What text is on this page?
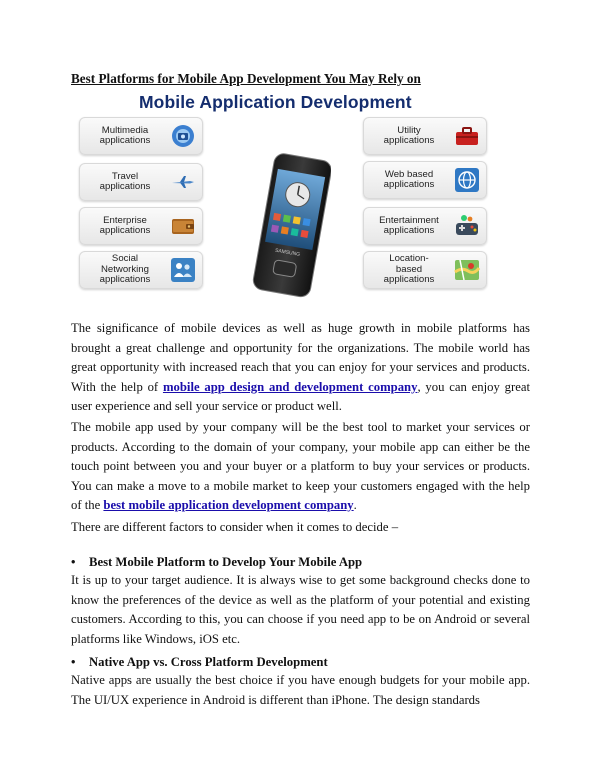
Best Platforms for Mobile App Development You May Rely on
Mobile Application Development
Multimedia
applications
Travel
applications
Enterprise
applications
Social
Networking
applications
SAMSUNG
Utility
applications
Web based
applications
Entertainment
applications
Location-
based
applications

The significance of mobile devices as well as huge growth in mobile platforms has brought a great challenge and opportunity for the organizations. The mobile world has great opportunity with increased reach that you can enjoy for your services and products. With the help of mobile app design and development company, you can enjoy great user experience and sell your service or product well.

The mobile app used by your company will be the best tool to market your services or products. According to the domain of your company, your mobile app can either be the touch point between you and your buyer or a platform to buy your services or products. You can make a move to a mobile market to keep your customers engaged with the help of the best mobile application development company.

There are different factors to consider when it comes to decide –

• Best Mobile Platform to Develop Your Mobile App

It is up to your target audience. It is always wise to get some background checks done to know the preferences of the device as well as the platform of your potential and existing customers. According to this, you can choose if you need app to be on Android or several platforms like Windows, iOS etc.

• Native App vs. Cross Platform Development

Native apps are usually the best choice if you have enough budgets for your mobile app. The UI/UX experience in Android is different than iPhone. The design standards
